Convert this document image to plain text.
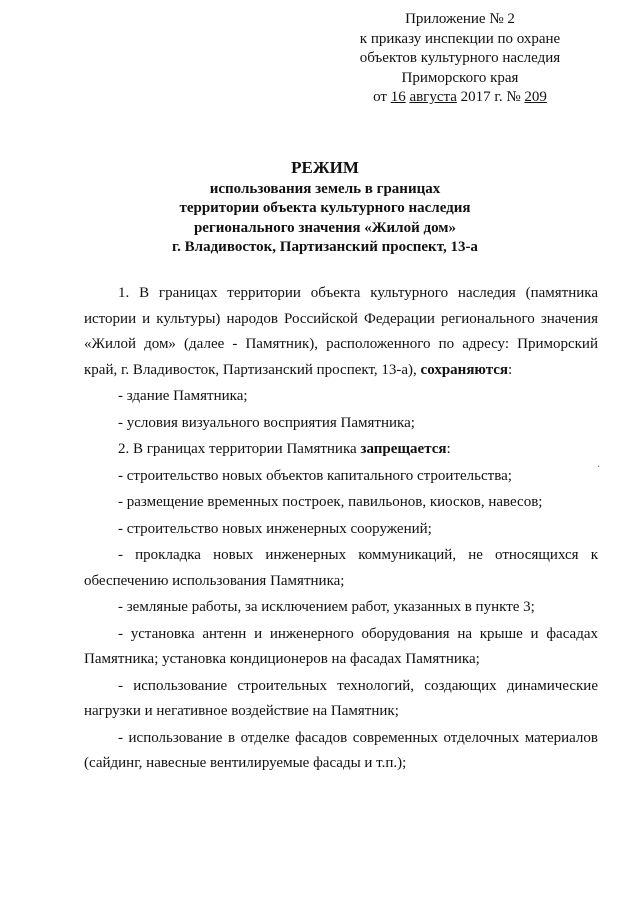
Приложение № 2
к приказу инспекции по охране
объектов культурного наследия
Приморского края
от 16 августа 2017 г. № 209
РЕЖИМ
использования земель в границах
территории объекта культурного наследия
регионального значения «Жилой дом»
г. Владивосток, Партизанский проспект, 13-а
1. В границах территории объекта культурного наследия (памятника истории и культуры) народов Российской Федерации регионального значения «Жилой дом» (далее - Памятник), расположенного по адресу: Приморский край, г. Владивосток, Партизанский проспект, 13-а), сохраняются:
- здание Памятника;
- условия визуального восприятия Памятника;
2. В границах территории Памятника запрещается:
- строительство новых объектов капитального строительства;
- размещение временных построек, павильонов, киосков, навесов;
- строительство новых инженерных сооружений;
- прокладка новых инженерных коммуникаций, не относящихся к обеспечению использования Памятника;
- земляные работы, за исключением работ, указанных в пункте 3;
- установка антенн и инженерного оборудования на крыше и фасадах Памятника; установка кондиционеров на фасадах Памятника;
- использование строительных технологий, создающих динамические нагрузки и негативное воздействие на Памятник;
- использование в отделке фасадов современных отделочных материалов (сайдинг, навесные вентилируемые фасады и т.п.);
·
